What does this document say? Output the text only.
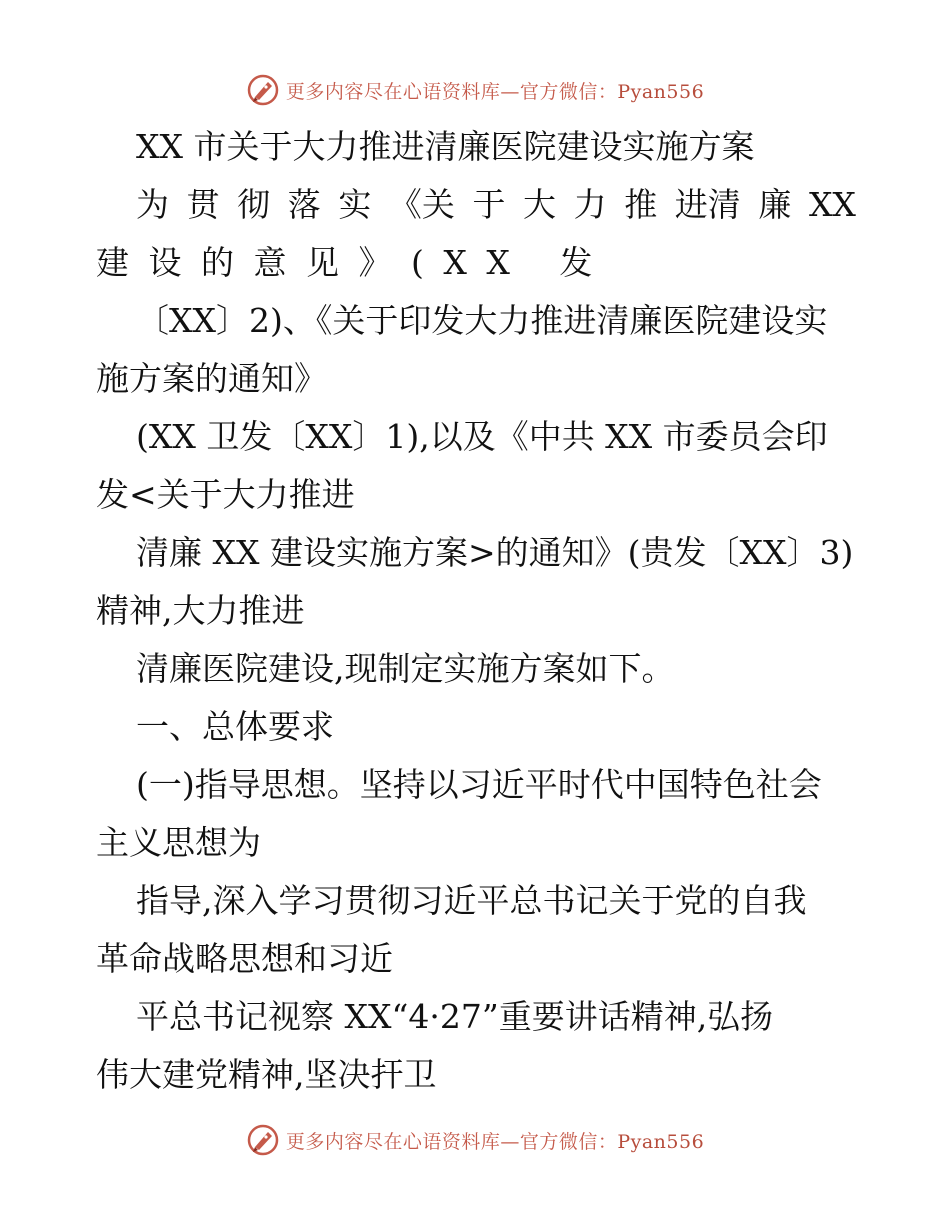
更多内容尽在心语资料库—官方微信：Pyan556
XX 市关于大力推进清廉医院建设实施方案
为 贯 彻 落 实 《关 于 大 力 推 进清 廉 XX
建设的意见》(XX 发
〔XX〕2)、《关于印发大力推进清廉医院建设实
施方案的通知》
(XX 卫发〔XX〕1),以及《中共 XX 市委员会印
发<关于大力推进
清廉 XX 建设实施方案>的通知》(贵发〔XX〕3)
精神,大力推进
清廉医院建设,现制定实施方案如下。
一、总体要求
(一)指导思想。坚持以习近平时代中国特色社会
主义思想为
指导,深入学习贯彻习近平总书记关于党的自我
革命战略思想和习近
平总书记视察 XX“4·27”重要讲话精神,弘扬
伟大建党精神,坚决扞卫
更多内容尽在心语资料库—官方微信：Pyan556
